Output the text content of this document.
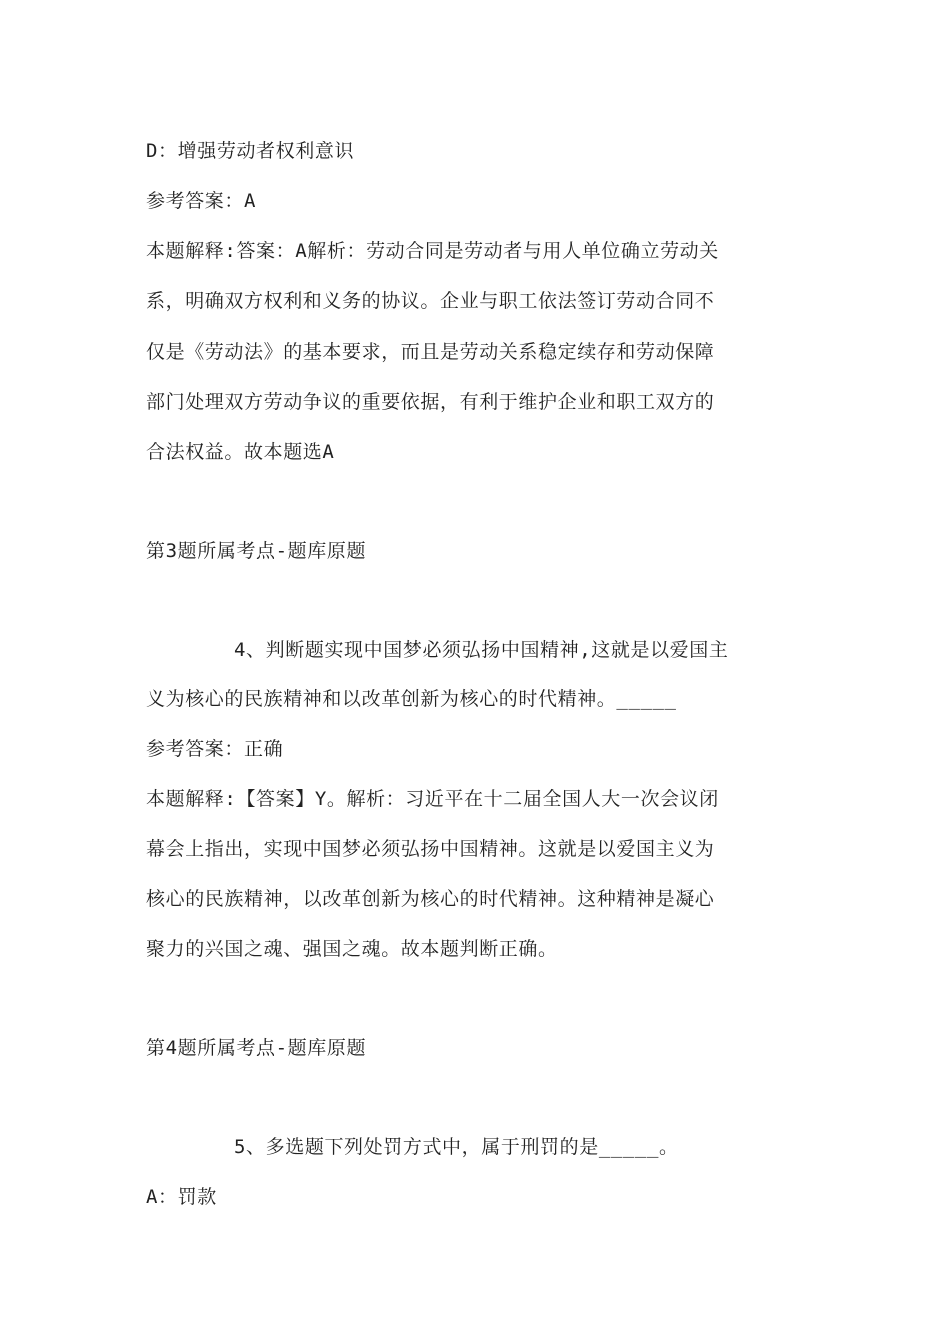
D：增强劳动者权利意识
参考答案：A
本题解释:答案：A解析：劳动合同是劳动者与用人单位确立劳动关
系，明确双方权利和义务的协议。企业与职工依法签订劳动合同不
仅是《劳动法》的基本要求，而且是劳动关系稳定续存和劳动保障
部门处理双方劳动争议的重要依据，有利于维护企业和职工双方的
合法权益。故本题选A
第3题所属考点-题库原题
4、判断题实现中国梦必须弘扬中国精神,这就是以爱国主
义为核心的民族精神和以改革创新为核心的时代精神。_____
参考答案：正确
本题解释:【答案】Y。解析：习近平在十二届全国人大一次会议闭
幕会上指出，实现中国梦必须弘扬中国精神。这就是以爱国主义为
核心的民族精神，以改革创新为核心的时代精神。这种精神是凝心
聚力的兴国之魂、强国之魂。故本题判断正确。
第4题所属考点-题库原题
5、多选题下列处罚方式中，属于刑罚的是_____。
A：罚款
